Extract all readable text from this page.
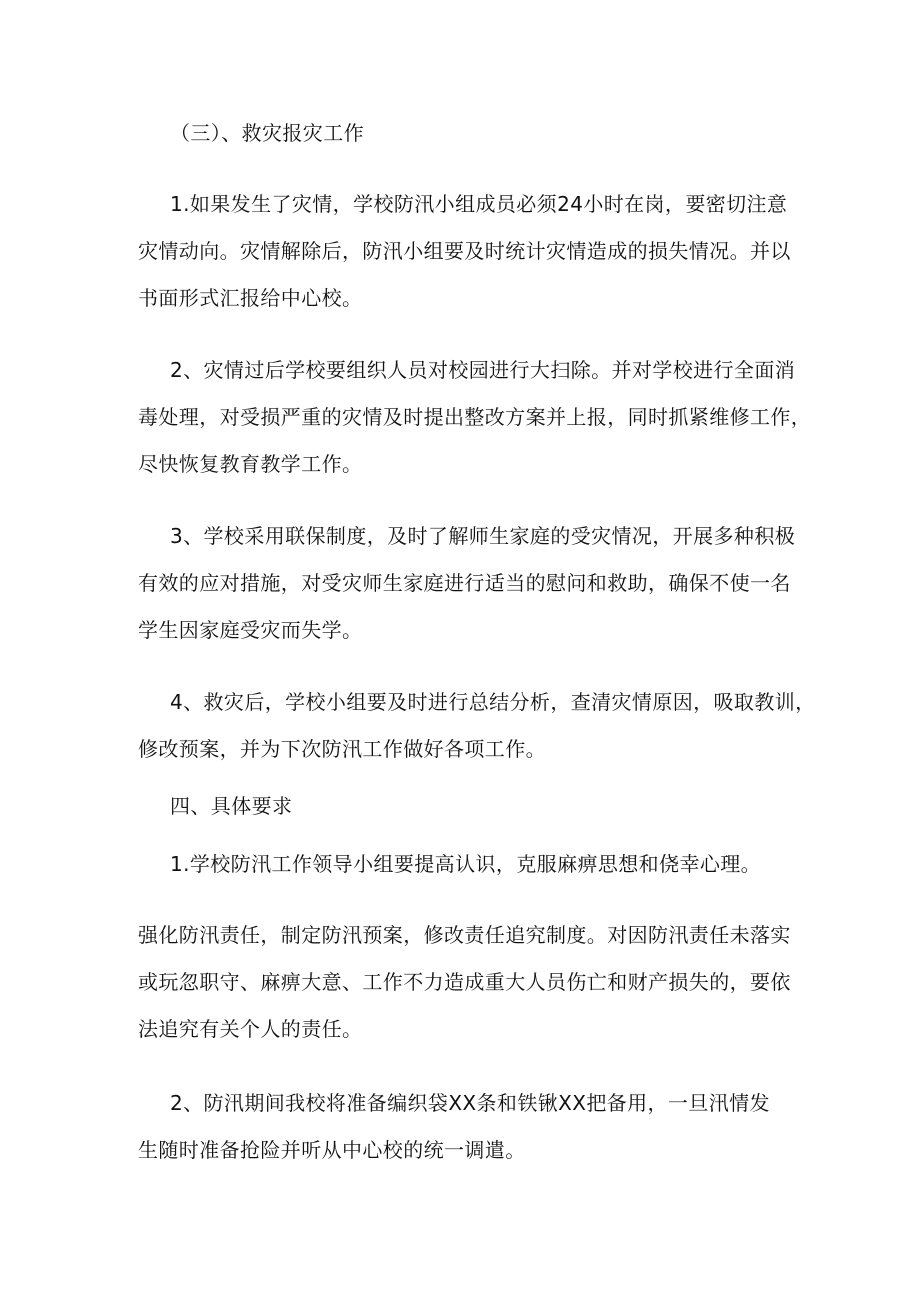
（三）、救灾报灾工作
1.如果发生了灾情，学校防汛小组成员必须24小时在岗，要密切注意
灾情动向。灾情解除后，防汛小组要及时统计灾情造成的损失情况。并以
书面形式汇报给中心校。
2、灾情过后学校要组织人员对校园进行大扫除。并对学校进行全面消
毒处理，对受损严重的灾情及时提出整改方案并上报，同时抓紧维修工作，
尽快恢复教育教学工作。
3、学校采用联保制度，及时了解师生家庭的受灾情况，开展多种积极
有效的应对措施，对受灾师生家庭进行适当的慰问和救助，确保不使一名
学生因家庭受灾而失学。
4、救灾后，学校小组要及时进行总结分析，查清灾情原因，吸取教训，
修改预案，并为下次防汛工作做好各项工作。
四、具体要求
1.学校防汛工作领导小组要提高认识，克服麻痹思想和侥幸心理。
强化防汛责任，制定防汛预案，修改责任追究制度。对因防汛责任未落实
或玩忽职守、麻痹大意、工作不力造成重大人员伤亡和财产损失的，要依
法追究有关个人的责任。
2、防汛期间我校将准备编织袋XX条和铁锹XX把备用，一旦汛情发
生随时准备抢险并听从中心校的统一调遣。
